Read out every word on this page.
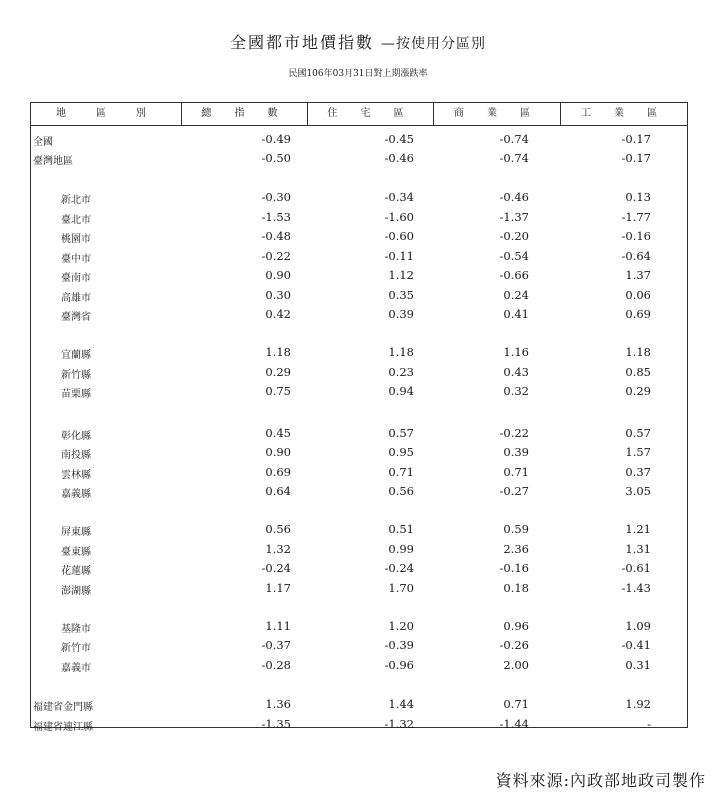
全國都市地價指數 —按使用分區別
民國106年03月31日對上期漲跌率
地　區　別	總 指 數	住 宅 區	商 業 區	工 業 區
全國	-0.49	-0.45	-0.74	-0.17
臺灣地區	-0.50	-0.46	-0.74	-0.17
新北市	-0.30	-0.34	-0.46	0.13
臺北市	-1.53	-1.60	-1.37	-1.77
桃園市	-0.48	-0.60	-0.20	-0.16
臺中市	-0.22	-0.11	-0.54	-0.64
臺南市	0.90	1.12	-0.66	1.37
高雄市	0.30	0.35	0.24	0.06
臺灣省	0.42	0.39	0.41	0.69
宜蘭縣	1.18	1.18	1.16	1.18
新竹縣	0.29	0.23	0.43	0.85
苗栗縣	0.75	0.94	0.32	0.29
彰化縣	0.45	0.57	-0.22	0.57
南投縣	0.90	0.95	0.39	1.57
雲林縣	0.69	0.71	0.71	0.37
嘉義縣	0.64	0.56	-0.27	3.05
屏東縣	0.56	0.51	0.59	1.21
臺東縣	1.32	0.99	2.36	1.31
花蓮縣	-0.24	-0.24	-0.16	-0.61
澎湖縣	1.17	1.70	0.18	-1.43
基隆市	1.11	1.20	0.96	1.09
新竹市	-0.37	-0.39	-0.26	-0.41
嘉義市	-0.28	-0.96	2.00	0.31
福建省金門縣	1.36	1.44	0.71	1.92
福建省連江縣	-1.35	-1.32	-1.44	-
資料來源:內政部地政司製作
